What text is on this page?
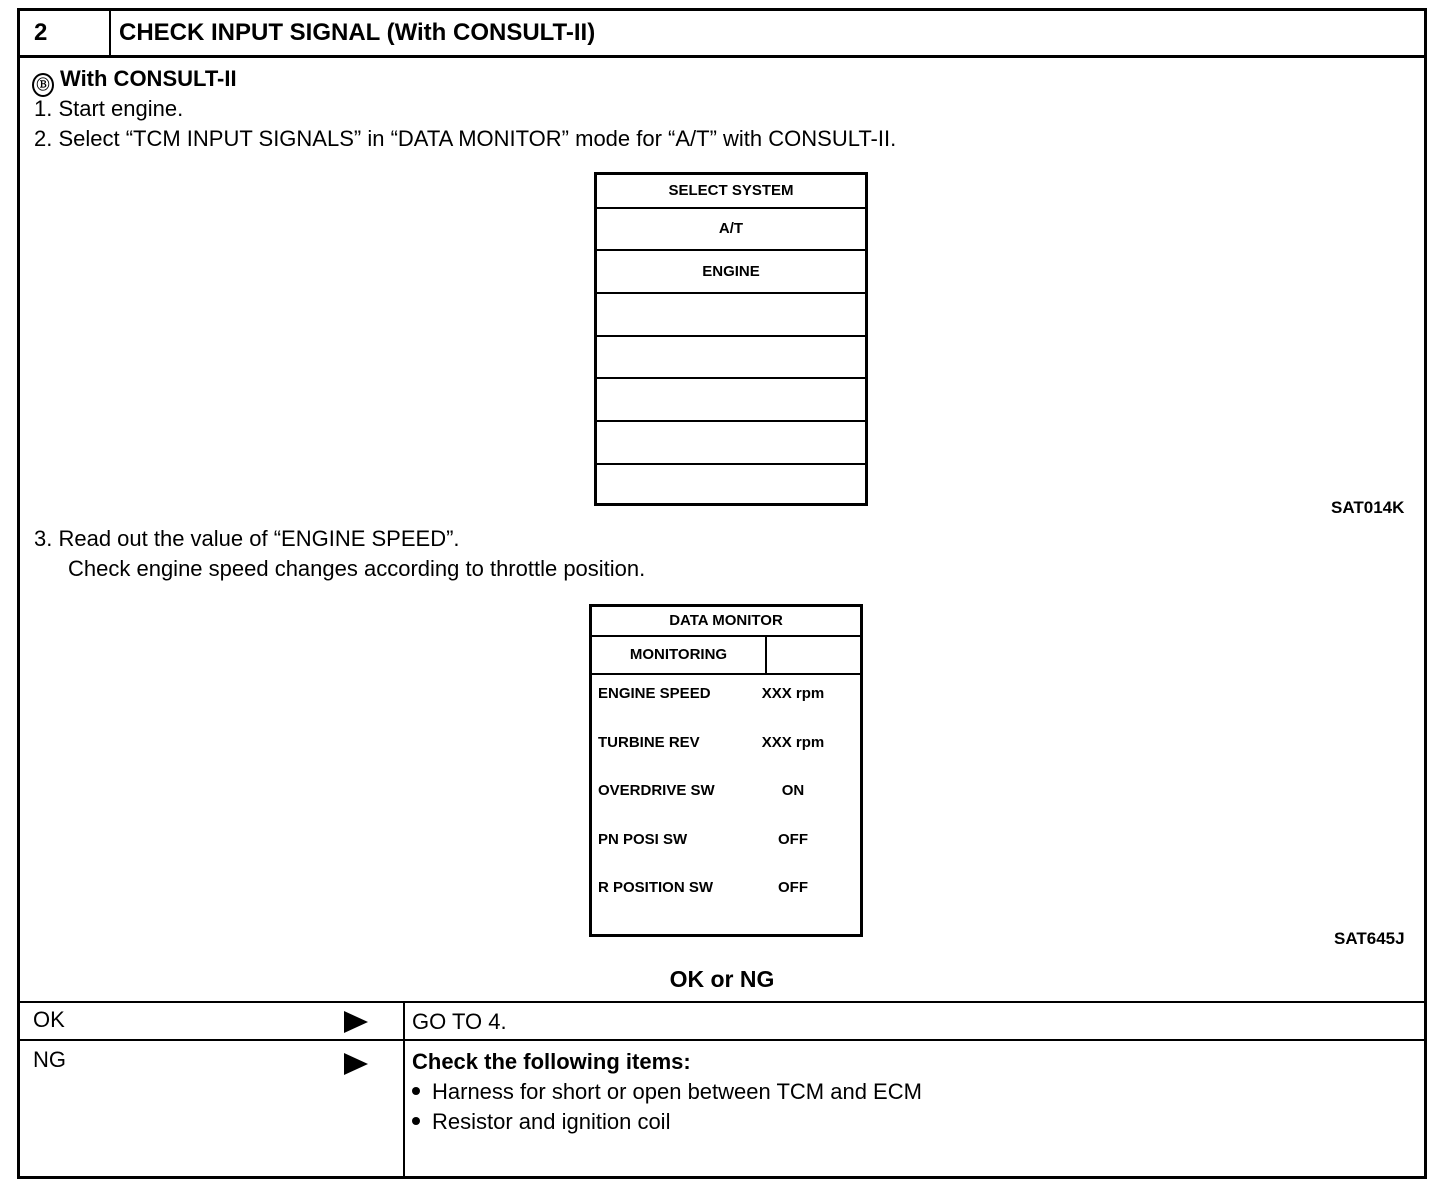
2	CHECK INPUT SIGNAL (With CONSULT-II)
Ⓑ With CONSULT-II
1. Start engine.
2. Select “TCM INPUT SIGNALS” in “DATA MONITOR” mode for “A/T” with CONSULT-II.
SELECT SYSTEM
A/T
ENGINE
SAT014K
3. Read out the value of “ENGINE SPEED”.
Check engine speed changes according to throttle position.
DATA MONITOR
MONITORING
ENGINE SPEED	XXX rpm
TURBINE REV	XXX rpm
OVERDRIVE SW	ON
PN POSI SW	OFF
R POSITION SW	OFF
SAT645J
OK or NG
OK	GO TO 4.
NG	Check the following items:
Harness for short or open between TCM and ECM
Resistor and ignition coil
